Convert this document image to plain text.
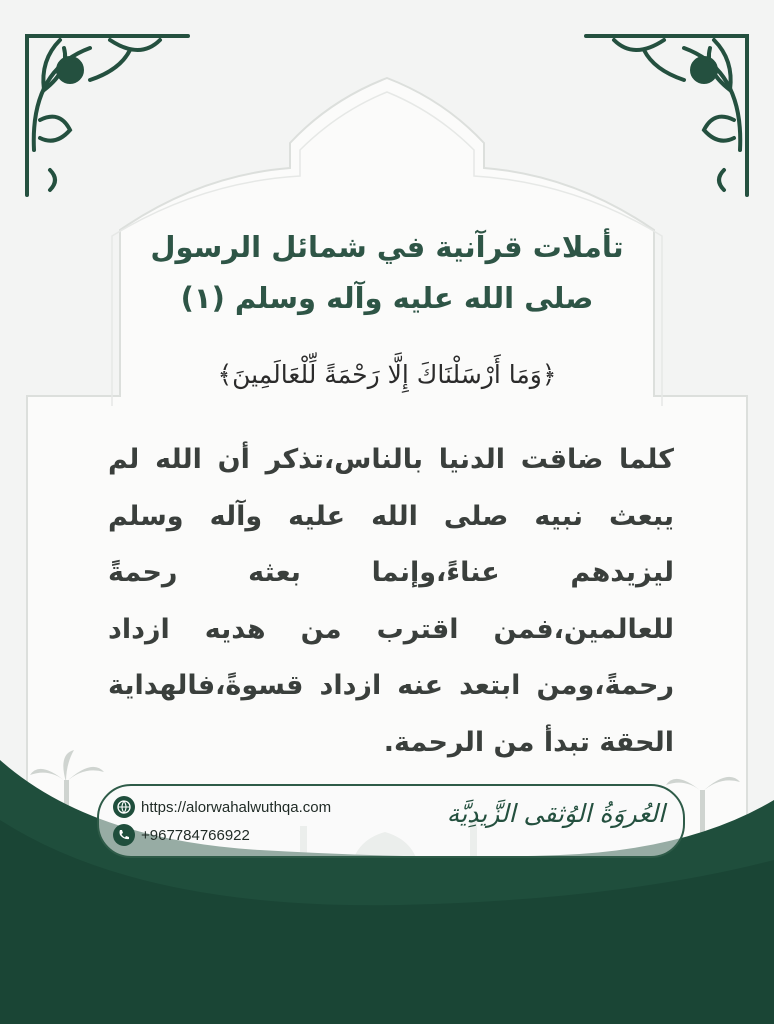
تأملات قرآنية في شمائل الرسول
صلى الله عليه وآله وسلم (١)
﴿وَمَا أَرْسَلْنَاكَ إِلَّا رَحْمَةً لِّلْعَالَمِينَ﴾
كلما ضاقت الدنيا بالناس،تذكر أن الله لم يبعث نبيه صلى الله عليه وآله وسلم ليزيدهم عناءً،وإنما بعثه رحمةً للعالمين،فمن اقترب من هديه ازداد رحمةً،ومن ابتعد عنه ازداد قسوةً،فالهداية الحقة تبدأ من الرحمة.
https://alorwahalwuthqa.com
+967784766922
العُروَةُ الوُثقى الزَّيدِيَّة
